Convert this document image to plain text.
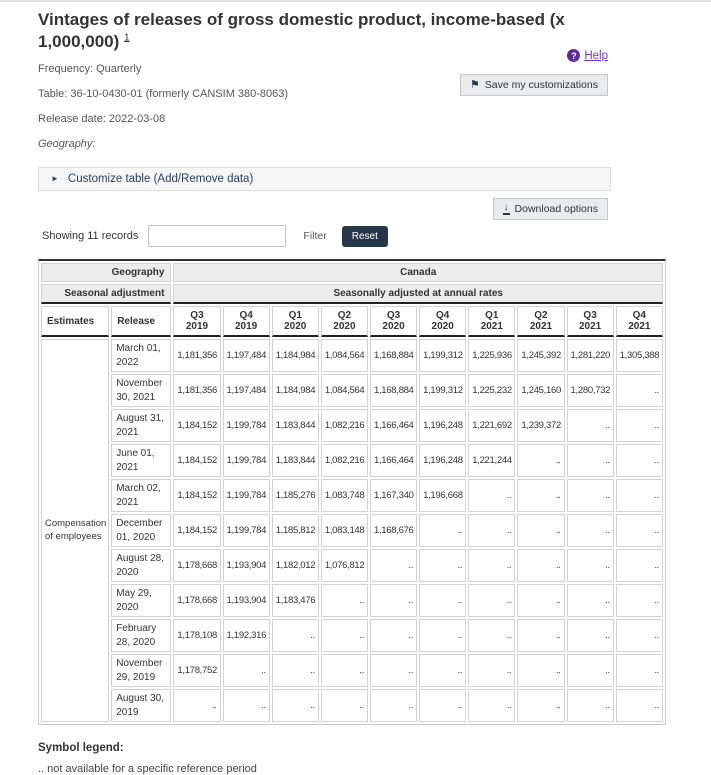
Vintages of releases of gross domestic product, income-based (x 1,000,000) $^1$
? Help
⚑ Save my customizations

Frequency: Quarterly

Table: 36-10-0430-01 (formerly CANSIM 380-8063)

Release date: 2022-03-08

Geography:

► Customize table (Add/Remove data)
↓ Download options
Showing 11 records	Filter	Reset
Geography		Canada									
Seasonal adjustment		Seasonally adjusted at annual rates									
Estimates	Release	Q3 2019	Q4 2019	Q1 2020	Q2 2020	Q3 2020	Q4 2020	Q1 2021	Q2 2021	Q3 2021	Q4 2021
Compensation of employees	March 01, 2022	1,181,356	1,197,484	1,184,984	1,084,564	1,168,884	1,199,312	1,225,936	1,245,392	1,281,220	1,305,388
	November 30, 2021	1,181,356	1,197,484	1,184,984	1,084,564	1,168,884	1,199,312	1,225,232	1,245,160	1,280,732	..
	August 31, 2021	1,184,152	1,199,784	1,183,844	1,082,216	1,166,464	1,196,248	1,221,692	1,239,372	..	..
	June 01, 2021	1,184,152	1,199,784	1,183,844	1,082,216	1,166,464	1,196,248	1,221,244	..	..	..
	March 02, 2021	1,184,152	1,199,784	1,185,276	1,083,748	1,167,340	1,196,668	..	..	..	..
	December 01, 2020	1,184,152	1,199,784	1,185,812	1,083,148	1,168,676	..	..	..	..	..
	August 28, 2020	1,178,668	1,193,904	1,182,012	1,076,812	..	..	..	..	..	..
	May 29, 2020	1,178,668	1,193,904	1,183,476	..	..	..	..	..	..	..
	February 28, 2020	1,178,108	1,192,316	..	..	..	..	..	..	..	..
	November 29, 2019	1,178,752	..	..	..	..	..	..	..	..	..
	August 30, 2019	..	..	..	..	..	..	..	..	..	..

Symbol legend:

.. not available for a specific reference period
